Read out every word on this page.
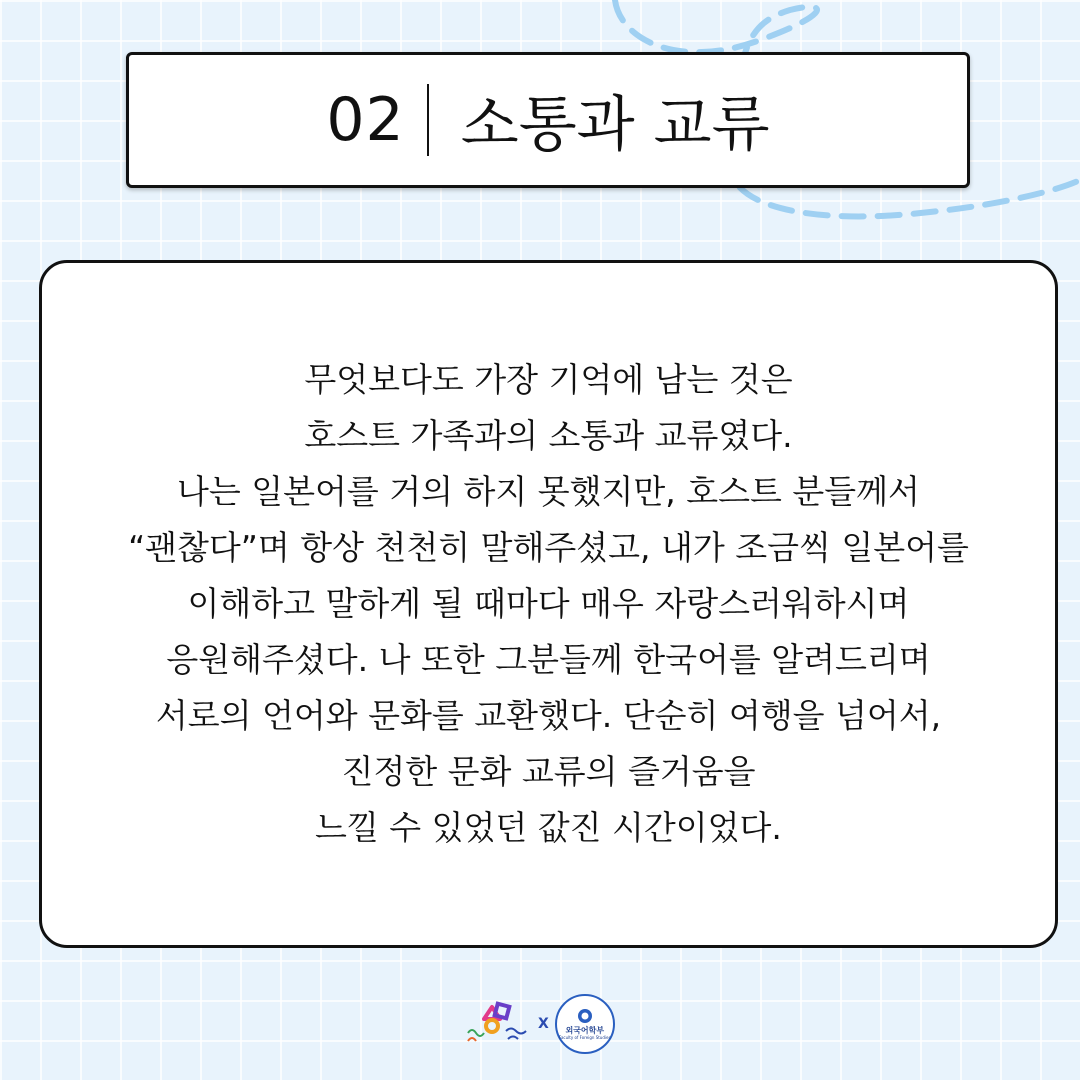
02 소통과 교류
무엇보다도 가장 기억에 남는 것은
호스트 가족과의 소통과 교류였다.
나는 일본어를 거의 하지 못했지만, 호스트 분들께서
“괜찮다”며 항상 천천히 말해주셨고, 내가 조금씩 일본어를
이해하고 말하게 될 때마다 매우 자랑스러워하시며
응원해주셨다. 나 또한 그분들께 한국어를 알려드리며
서로의 언어와 문화를 교환했다. 단순히 여행을 넘어서,
진정한 문화 교류의 즐거움을
느낄 수 있었던 값진 시간이었다.
X 외국어학부
Faculty of Foreign Studies
